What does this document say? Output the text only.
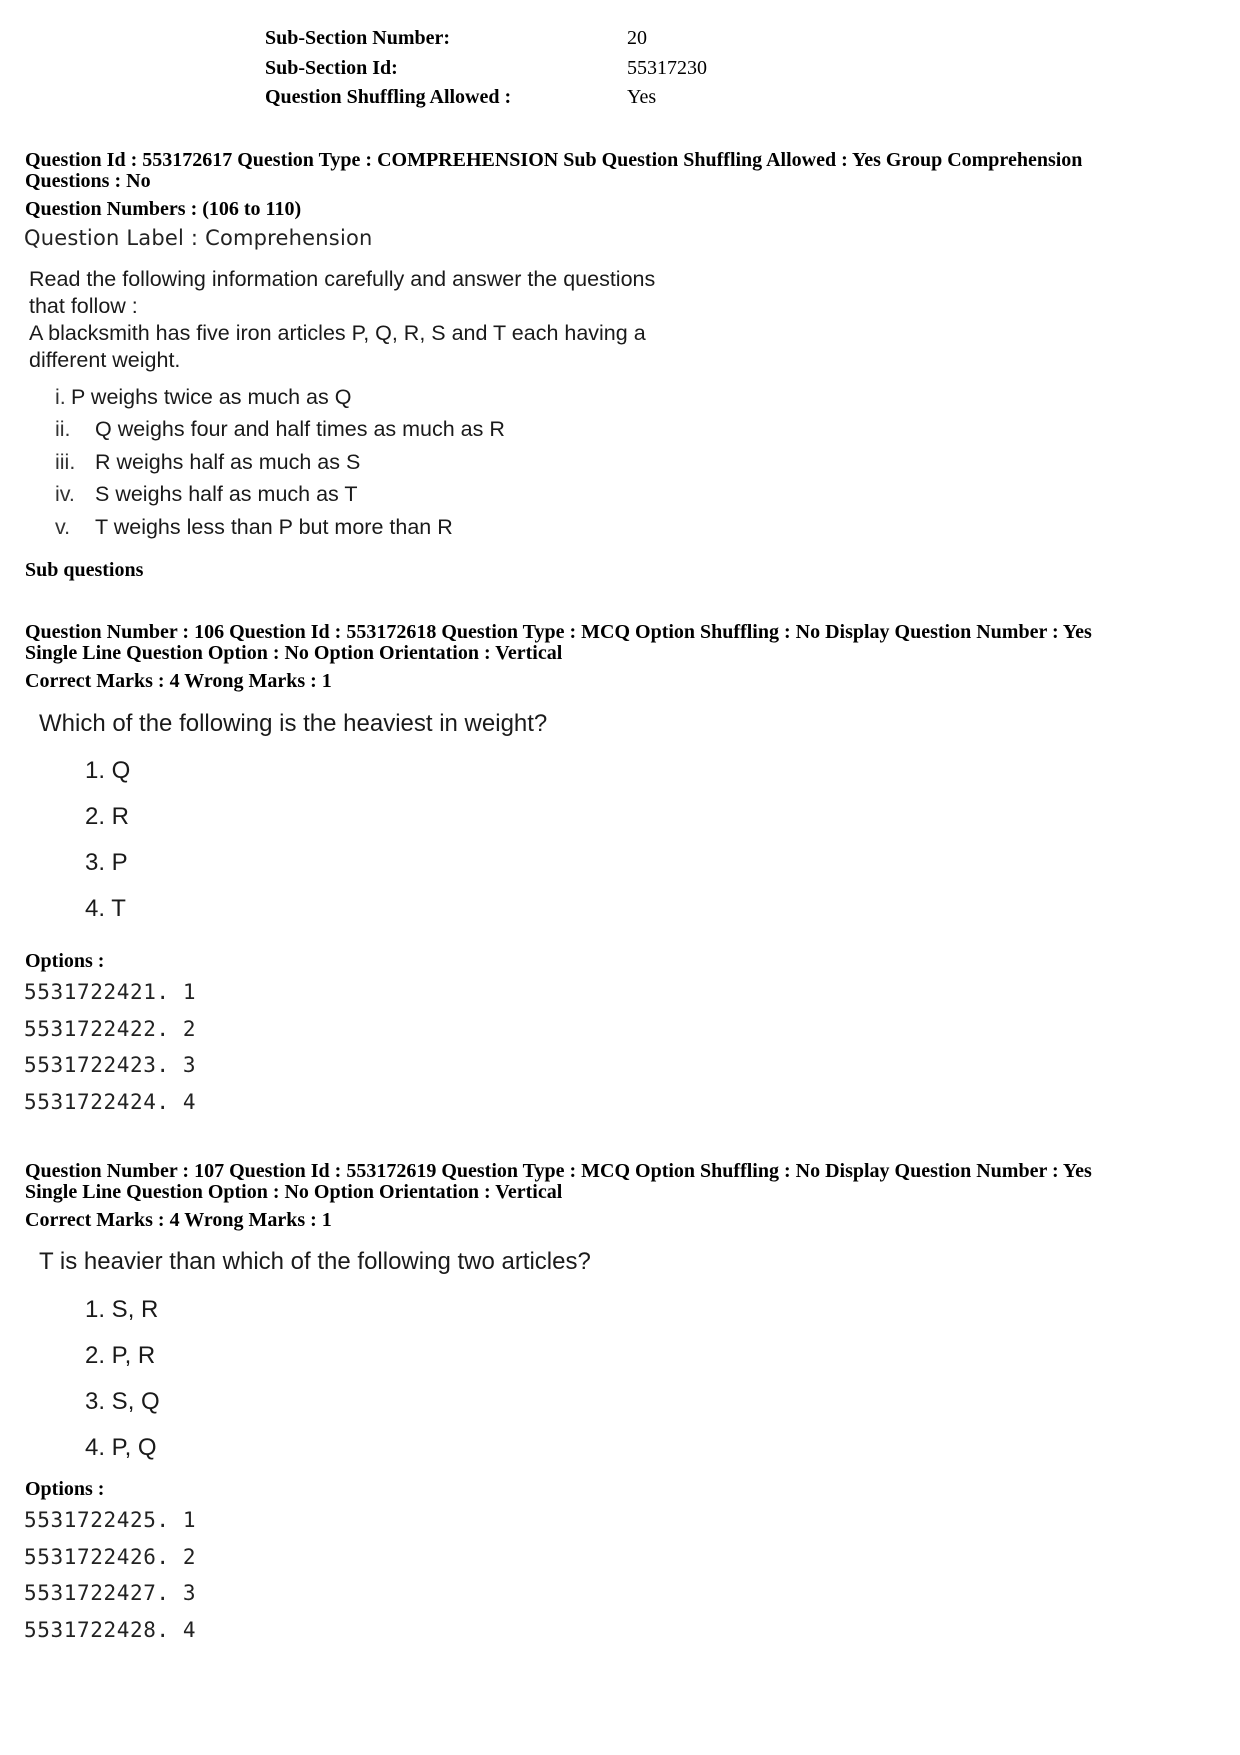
Sub-Section Number:	20
Sub-Section Id:	55317230
Question Shuffling Allowed :	Yes
Question Id : 553172617 Question Type : COMPREHENSION Sub Question Shuffling Allowed : Yes Group Comprehension
Questions : No
Question Numbers : (106 to 110)
Question Label : Comprehension
Read the following information carefully and answer the questions
that follow :
A blacksmith has five iron articles P, Q, R, S and T each having a
different weight.
i. P weighs twice as much as Q
ii.	Q weighs four and half times as much as R
iii. R weighs half as much as S
iv. S weighs half as much as T
v.	T weighs less than P but more than R
Sub questions
Question Number : 106 Question Id : 553172618 Question Type : MCQ Option Shuffling : No Display Question Number : Yes
Single Line Question Option : No Option Orientation : Vertical
Correct Marks : 4 Wrong Marks : 1
Which of the following is the heaviest in weight?
1. Q
2. R
3. P
4. T
Options :
5531722421. 1
5531722422. 2
5531722423. 3
5531722424. 4
Question Number : 107 Question Id : 553172619 Question Type : MCQ Option Shuffling : No Display Question Number : Yes
Single Line Question Option : No Option Orientation : Vertical
Correct Marks : 4 Wrong Marks : 1
T is heavier than which of the following two articles?
1. S, R
2. P, R
3. S, Q
4. P, Q
Options :
5531722425. 1
5531722426. 2
5531722427. 3
5531722428. 4
